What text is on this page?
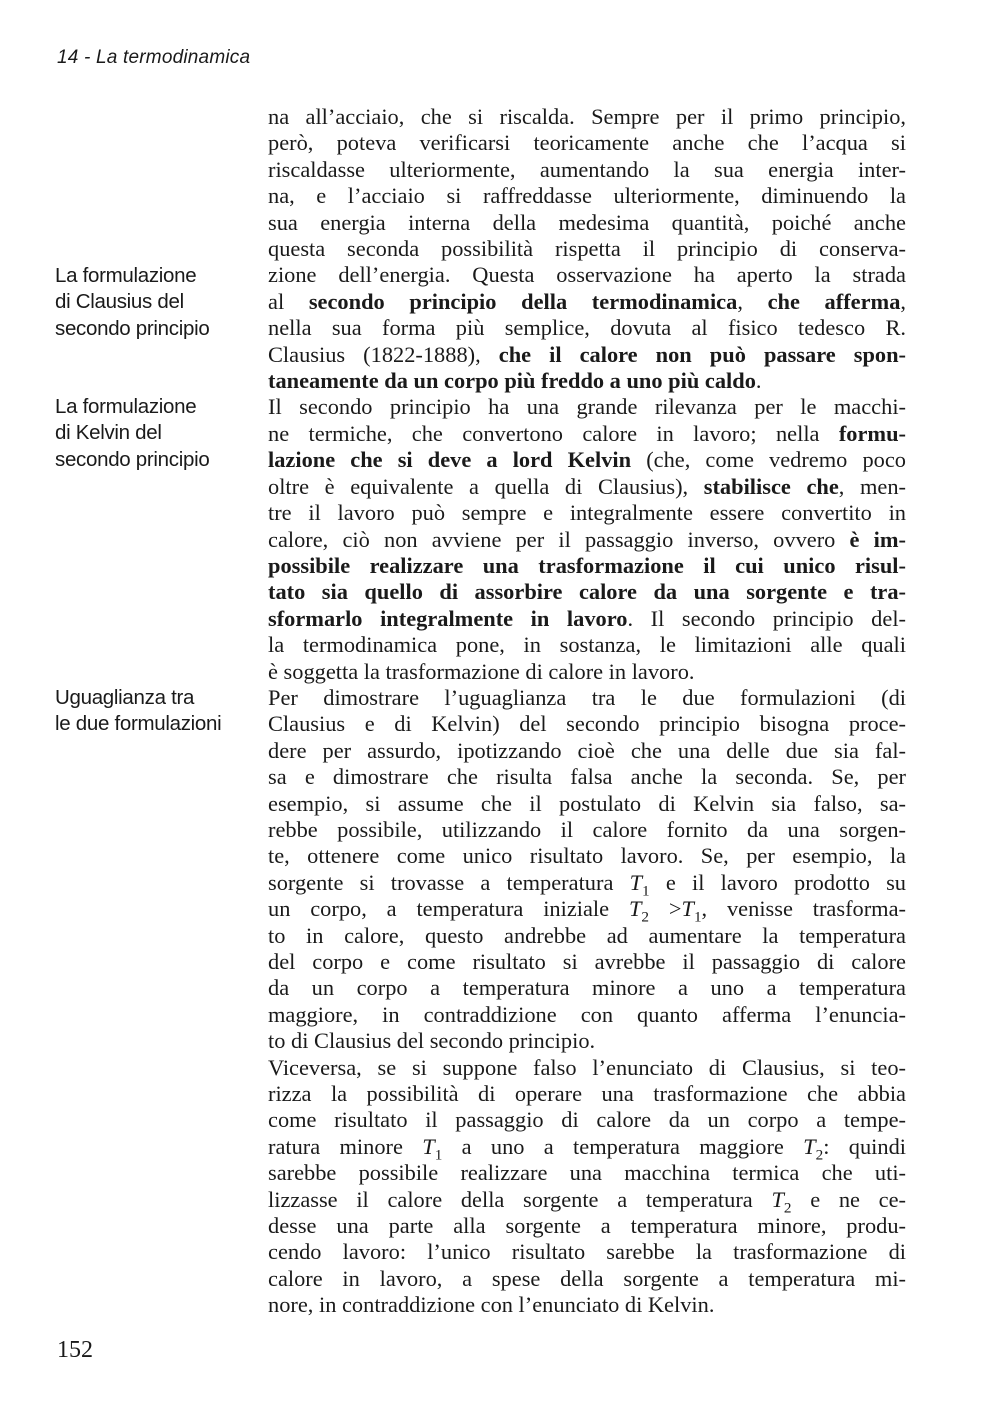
14 - La termodinamica
La formulazione
di Clausius del
secondo principio
La formulazione
di Kelvin del
secondo principio
Uguaglianza tra
le due formulazioni

na all’acciaio, che si riscalda. Sempre per il primo principio,
però, poteva verificarsi teoricamente anche che l’acqua si
riscaldasse ulteriormente, aumentando la sua energia inter-
na, e l’acciaio si raffreddasse ulteriormente, diminuendo la
sua energia interna della medesima quantità, poiché anche
questa seconda possibilità rispetta il principio di conserva-
zione dell’energia. Questa osservazione ha aperto la strada
al secondo principio della termodinamica, che afferma,
nella sua forma più semplice, dovuta al fisico tedesco R.
Clausius (1822-1888), che il calore non può passare spon-
taneamente da un corpo più freddo a uno più caldo.

Il secondo principio ha una grande rilevanza per le macchi-
ne termiche, che convertono calore in lavoro; nella formu-
lazione che si deve a lord Kelvin (che, come vedremo poco
oltre è equivalente a quella di Clausius), stabilisce che, men-
tre il lavoro può sempre e integralmente essere convertito in
calore, ciò non avviene per il passaggio inverso, ovvero è im-
possibile realizzare una trasformazione il cui unico risul-
tato sia quello di assorbire calore da una sorgente e tra-
sformarlo integralmente in lavoro. Il secondo principio del-
la termodinamica pone, in sostanza, le limitazioni alle quali
è soggetta la trasformazione di calore in lavoro.

Per dimostrare l’uguaglianza tra le due formulazioni (di
Clausius e di Kelvin) del secondo principio bisogna proce-
dere per assurdo, ipotizzando cioè che una delle due sia fal-
sa e dimostrare che risulta falsa anche la seconda. Se, per
esempio, si assume che il postulato di Kelvin sia falso, sa-
rebbe possibile, utilizzando il calore fornito da una sorgen-
te, ottenere come unico risultato lavoro. Se, per esempio, la
sorgente si trovasse a temperatura $T_1$ e il lavoro prodotto su
un corpo, a temperatura iniziale $T_2 >T_1$, venisse trasforma-
to in calore, questo andrebbe ad aumentare la temperatura
del corpo e come risultato si avrebbe il passaggio di calore
da un corpo a temperatura minore a uno a temperatura
maggiore, in contraddizione con quanto afferma l’enuncia-
to di Clausius del secondo principio.

Viceversa, se si suppone falso l’enunciato di Clausius, si teo-
rizza la possibilità di operare una trasformazione che abbia
come risultato il passaggio di calore da un corpo a tempe-
ratura minore $T_1$ a uno a temperatura maggiore $T_2$: quindi
sarebbe possibile realizzare una macchina termica che uti-
lizzasse il calore della sorgente a temperatura $T_2$ e ne ce-
desse una parte alla sorgente a temperatura minore, produ-
cendo lavoro: l’unico risultato sarebbe la trasformazione di
calore in lavoro, a spese della sorgente a temperatura mi-
nore, in contraddizione con l’enunciato di Kelvin.

152
